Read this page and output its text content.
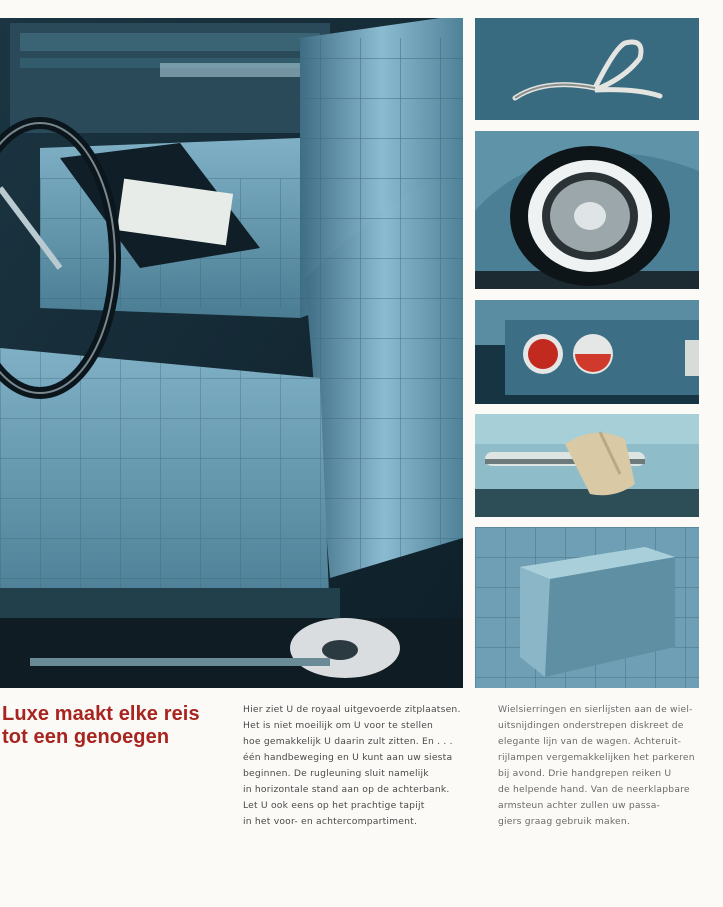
Luxe maakt elke reis
tot een genoegen
Hier ziet U de royaal uitgevoerde zitplaatsen.
Het is niet moeilijk om U voor te stellen
hoe gemakkelijk U daarin zult zitten. En . . .
één handbeweging en U kunt aan uw siesta
beginnen. De rugleuning sluit namelijk
in horizontale stand aan op de achterbank.
Let U ook eens op het prachtige tapijt
in het voor- en achtercompartiment.
Wielsierringen en sierlijsten aan de wiel-
uitsnijdingen onderstrepen diskreet de
elegante lijn van de wagen. Achteruit-
rijlampen vergemakkelijken het parkeren
bij avond. Drie handgrepen reiken U
de helpende hand. Van de neerklapbare
armsteun achter zullen uw passa-
giers graag gebruik maken.
